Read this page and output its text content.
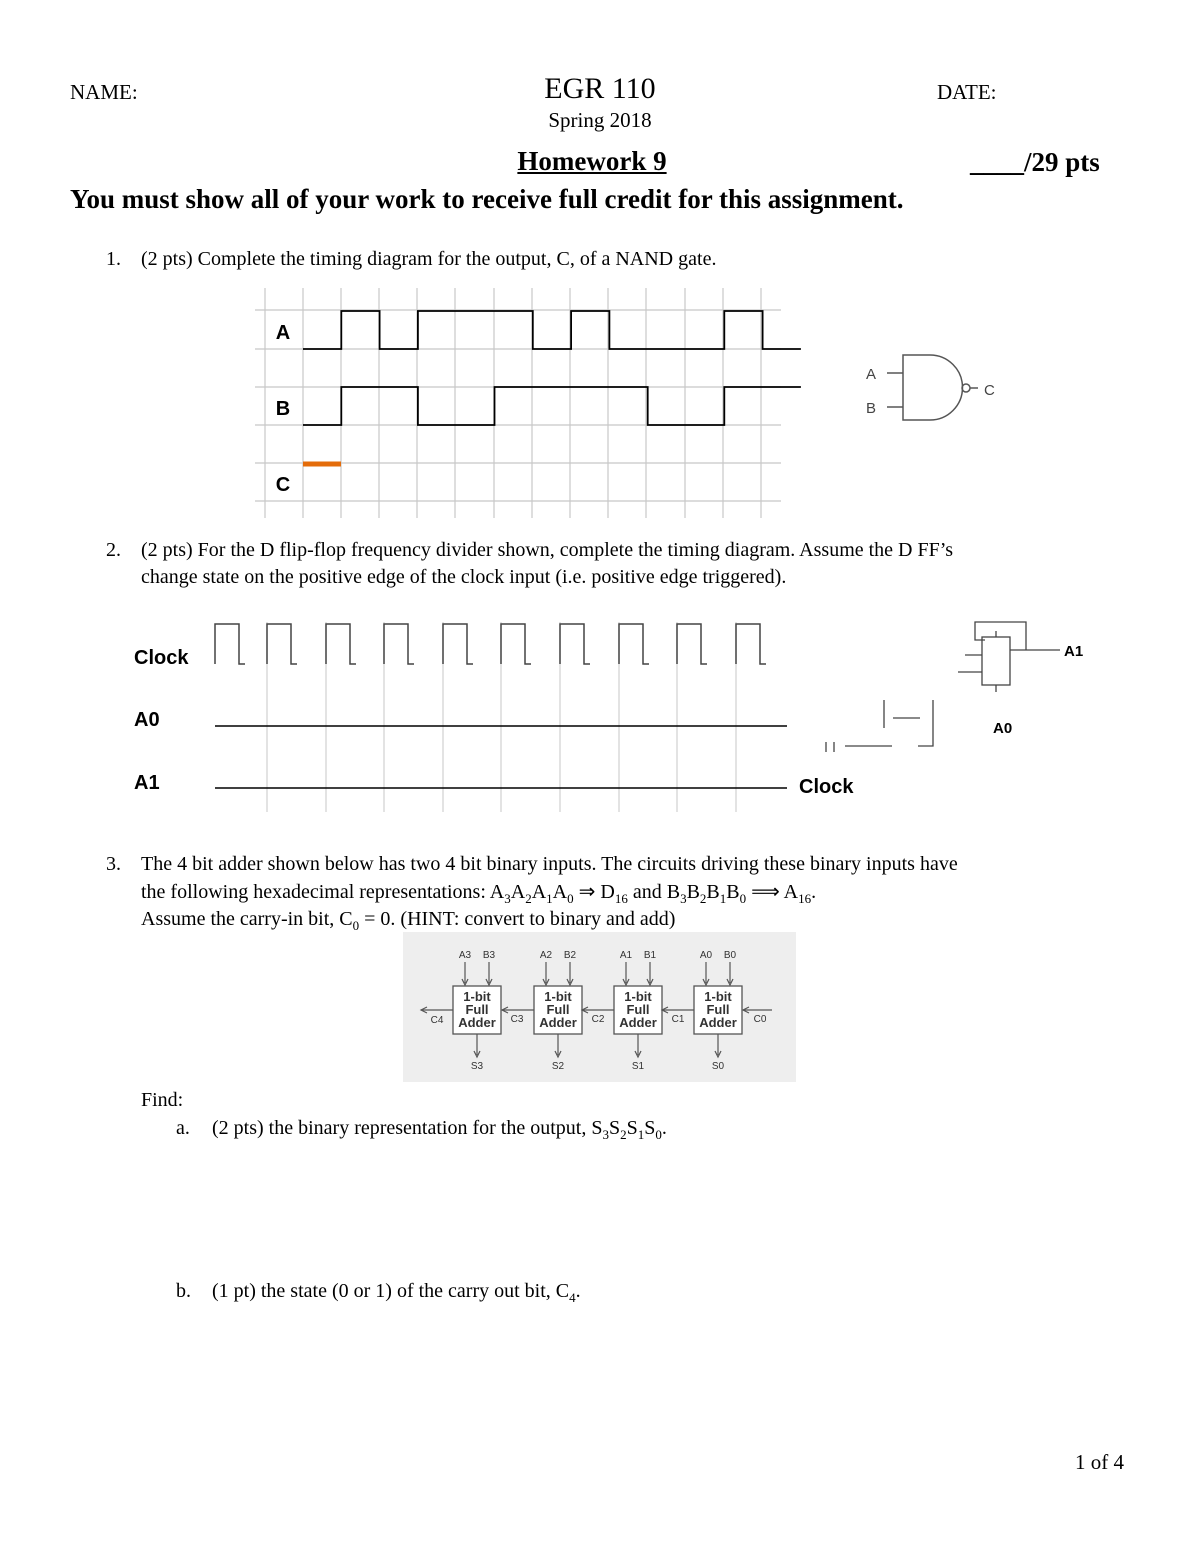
NAME:	EGR 110	DATE:
Spring 2018
Homework 9	____/29 pts
You must show all of your work to receive full credit for this assignment.
1. (2 pts) Complete the timing diagram for the output, C, of a NAND gate.
A
B
C
A
B
C
2. (2 pts) For the D flip-flop frequency divider shown, complete the timing diagram. Assume the D FF’s
change state on the positive edge of the clock input (i.e. positive edge triggered).
Clock
A0
A1
A1
A0
Clock
3. The 4 bit adder shown below has two 4 bit binary inputs. The circuits driving these binary inputs have
the following hexadecimal representations: $A_3A_2A_1A_0$ ⇒ $D_{16}$ and $B_3B_2B_1B_0$ ⟹ $A_{16}$.
Assume the carry-in bit, $C_0 = 0$. (HINT: convert to binary and add)
1-bit
Full
Adder
A3 B3
S3
1-bit
Full
Adder
A2 B2
S2
1-bit
Full
Adder
A1 B1
S1
1-bit
Full
Adder
A0 B0
S0
C4	C3	C2	C1	C0
Find:
a. (2 pts) the binary representation for the output, $S_3S_2S_1S_0$.
b. (1 pt) the state (0 or 1) of the carry out bit, $C_4$.
1 of 4
